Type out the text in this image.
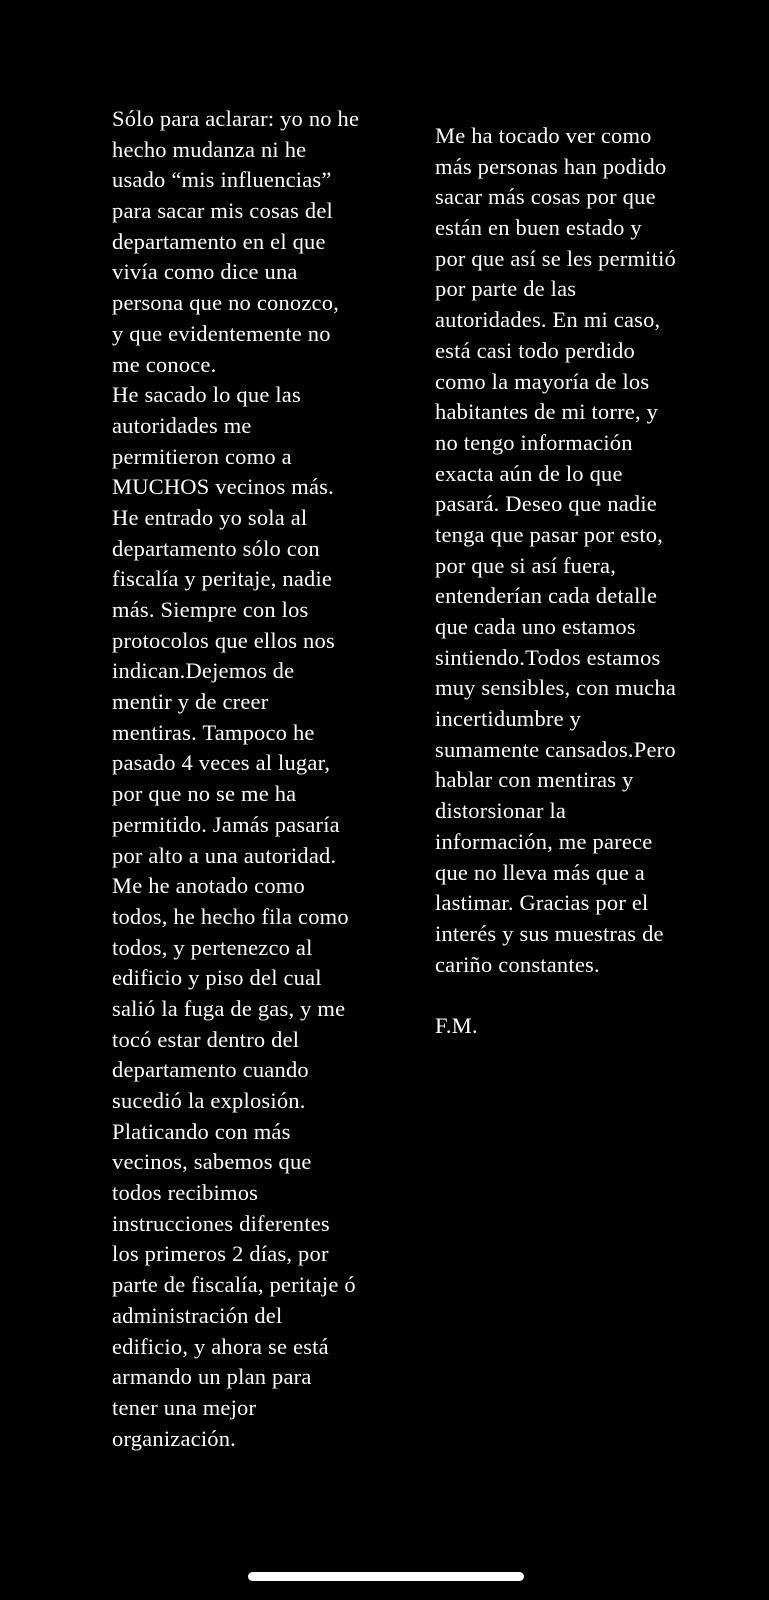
Sólo para aclarar: yo no he
hecho mudanza ni he
usado “mis influencias”
para sacar mis cosas del
departamento en el que
vivía como dice una
persona que no conozco,
y que evidentemente no
me conoce.
He sacado lo que las
autoridades me
permitieron como a
MUCHOS vecinos más.
He entrado yo sola al
departamento sólo con
fiscalía y peritaje, nadie
más. Siempre con los
protocolos que ellos nos
indican.Dejemos de
mentir y de creer
mentiras. Tampoco he
pasado 4 veces al lugar,
por que no se me ha
permitido. Jamás pasaría
por alto a una autoridad.
Me he anotado como
todos, he hecho fila como
todos, y pertenezco al
edificio y piso del cual
salió la fuga de gas, y me
tocó estar dentro del
departamento cuando
sucedió la explosión.
Platicando con más
vecinos, sabemos que
todos recibimos
instrucciones diferentes
los primeros 2 días, por
parte de fiscalía, peritaje ó
administración del
edificio, y ahora se está
armando un plan para
tener una mejor
organización.
Me ha tocado ver como
más personas han podido
sacar más cosas por que
están en buen estado y
por que así se les permitió
por parte de las
autoridades. En mi caso,
está casi todo perdido
como la mayoría de los
habitantes de mi torre, y
no tengo información
exacta aún de lo que
pasará. Deseo que nadie
tenga que pasar por esto,
por que si así fuera,
entenderían cada detalle
que cada uno estamos
sintiendo.Todos estamos
muy sensibles, con mucha
incertidumbre y
sumamente cansados.Pero
hablar con mentiras y
distorsionar la
información, me parece
que no lleva más que a
lastimar. Gracias por el
interés y sus muestras de
cariño constantes.
F.M.
